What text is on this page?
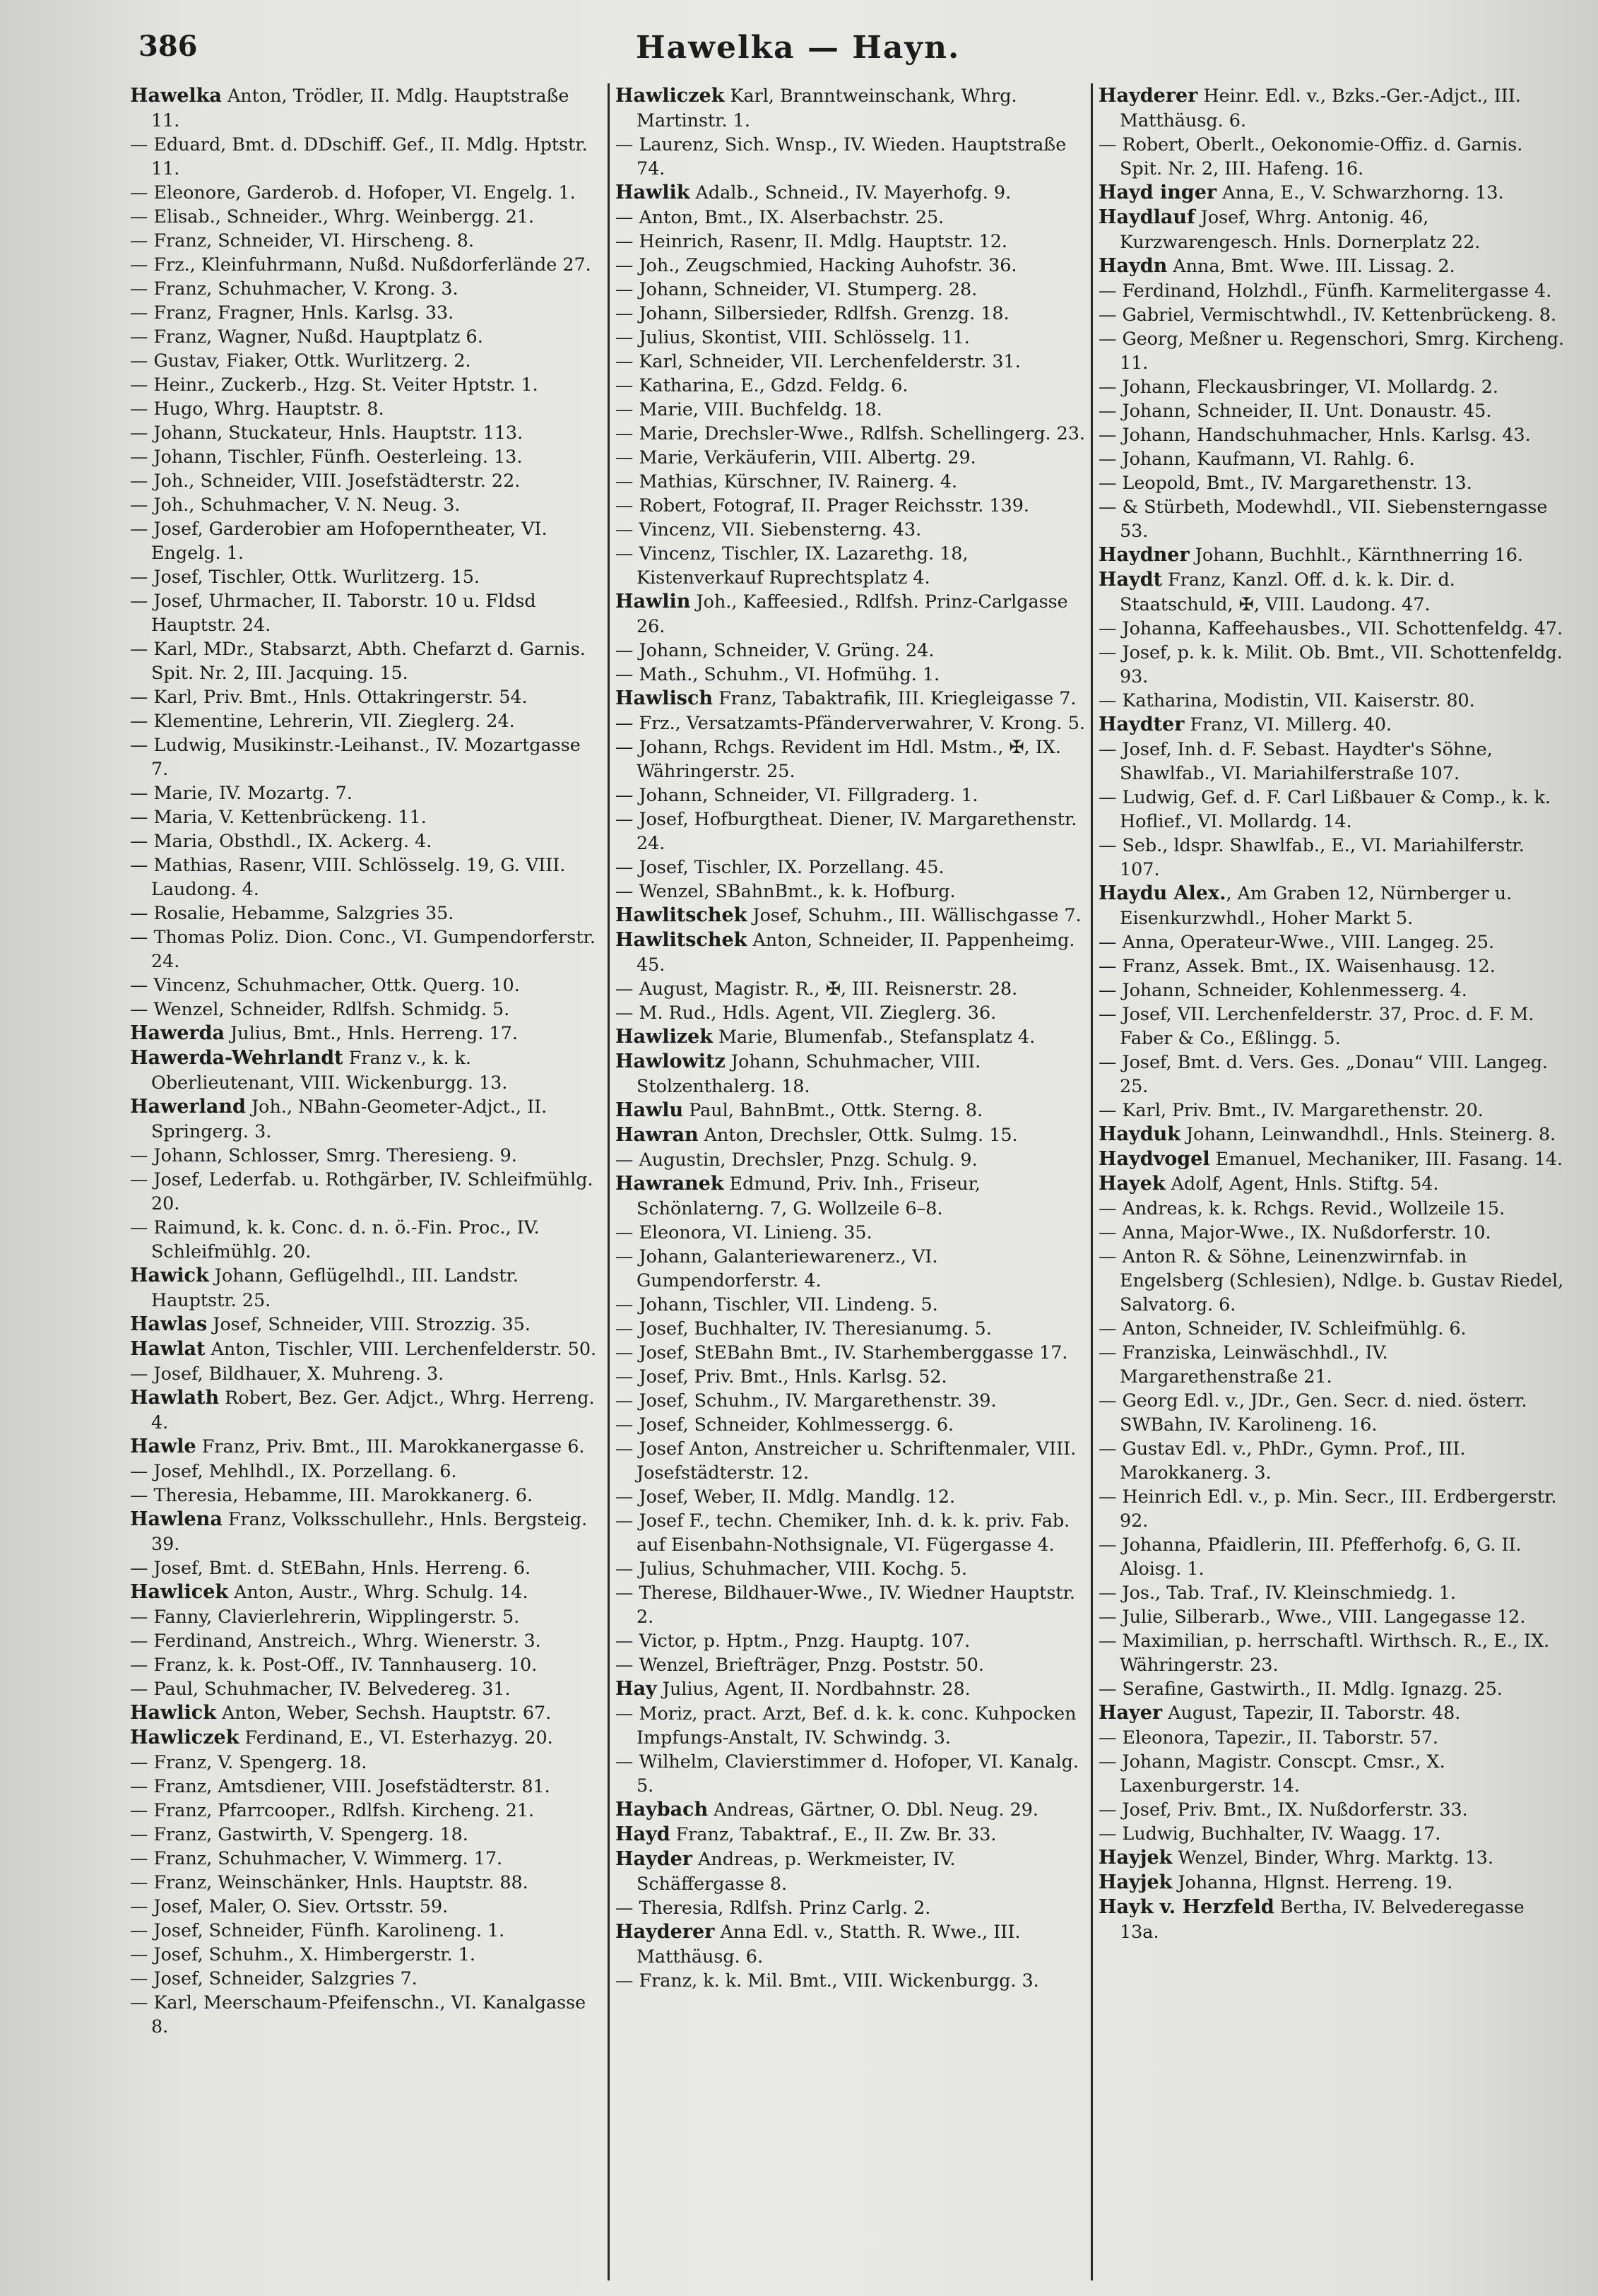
386	Hawelka — Hayn.

Hawelka Anton, Trödler, II. Mdlg. Hauptstraße 11.

— Eduard, Bmt. d. DDschiff. Gef., II. Mdlg. Hptstr. 11.

— Eleonore, Garderob. d. Hofoper, VI. Engelg. 1.

— Elisab., Schneider., Whrg. Weinbergg. 21.

— Franz, Schneider, VI. Hirscheng. 8.

— Frz., Kleinfuhrmann, Nußd. Nußdorferlände 27.

— Franz, Schuhmacher, V. Krong. 3.

— Franz, Fragner, Hnls. Karlsg. 33.

— Franz, Wagner, Nußd. Hauptplatz 6.

— Gustav, Fiaker, Ottk. Wurlitzerg. 2.

— Heinr., Zuckerb., Hzg. St. Veiter Hptstr. 1.

— Hugo, Whrg. Hauptstr. 8.

— Johann, Stuckateur, Hnls. Hauptstr. 113.

— Johann, Tischler, Fünfh. Oesterleing. 13.

— Joh., Schneider, VIII. Josefstädterstr. 22.

— Joh., Schuhmacher, V. N. Neug. 3.

— Josef, Garderobier am Hofoperntheater, VI. Engelg. 1.

— Josef, Tischler, Ottk. Wurlitzerg. 15.

— Josef, Uhrmacher, II. Taborstr. 10 u. Fldsd Hauptstr. 24.

— Karl, MDr., Stabsarzt, Abth. Chefarzt d. Garnis. Spit. Nr. 2, III. Jacquing. 15.

— Karl, Priv. Bmt., Hnls. Ottakringerstr. 54.

— Klementine, Lehrerin, VII. Zieglerg. 24.

— Ludwig, Musikinstr.-Leihanst., IV. Mozartgasse 7.

— Marie, IV. Mozartg. 7.

— Maria, V. Kettenbrückeng. 11.

— Maria, Obsthdl., IX. Ackerg. 4.

— Mathias, Rasenr, VIII. Schlösselg. 19, G. VIII. Laudong. 4.

— Rosalie, Hebamme, Salzgries 35.

— Thomas Poliz. Dion. Conc., VI. Gumpendorferstr. 24.

— Vincenz, Schuhmacher, Ottk. Querg. 10.

— Wenzel, Schneider, Rdlfsh. Schmidg. 5.

Hawerda Julius, Bmt., Hnls. Herreng. 17.

Hawerda-Wehrlandt Franz v., k. k. Oberlieutenant, VIII. Wickenburgg. 13.

Hawerland Joh., NBahn-Geometer-Adjct., II. Springerg. 3.

— Johann, Schlosser, Smrg. Theresieng. 9.

— Josef, Lederfab. u. Rothgärber, IV. Schleifmühlg. 20.

— Raimund, k. k. Conc. d. n. ö.-Fin. Proc., IV. Schleifmühlg. 20.

Hawick Johann, Geflügelhdl., III. Landstr. Hauptstr. 25.

Hawlas Josef, Schneider, VIII. Strozzig. 35.

Hawlat Anton, Tischler, VIII. Lerchenfelderstr. 50.

— Josef, Bildhauer, X. Muhreng. 3.

Hawlath Robert, Bez. Ger. Adjct., Whrg. Herreng. 4.

Hawle Franz, Priv. Bmt., III. Marokkanergasse 6.

— Josef, Mehlhdl., IX. Porzellang. 6.

— Theresia, Hebamme, III. Marokkanerg. 6.

Hawlena Franz, Volksschullehr., Hnls. Bergsteig. 39.

— Josef, Bmt. d. StEBahn, Hnls. Herreng. 6.

Hawlicek Anton, Austr., Whrg. Schulg. 14.

— Fanny, Clavierlehrerin, Wipplingerstr. 5.

— Ferdinand, Anstreich., Whrg. Wienerstr. 3.

— Franz, k. k. Post-Off., IV. Tannhauserg. 10.

— Paul, Schuhmacher, IV. Belvedereg. 31.

Hawlick Anton, Weber, Sechsh. Hauptstr. 67.

Hawliczek Ferdinand, E., VI. Esterhazyg. 20.

— Franz, V. Spengerg. 18.

— Franz, Amtsdiener, VIII. Josefstädterstr. 81.

— Franz, Pfarrcooper., Rdlfsh. Kircheng. 21.

— Franz, Gastwirth, V. Spengerg. 18.

— Franz, Schuhmacher, V. Wimmerg. 17.

— Franz, Weinschänker, Hnls. Hauptstr. 88.

— Josef, Maler, O. Siev. Ortsstr. 59.

— Josef, Schneider, Fünfh. Karolineng. 1.

— Josef, Schuhm., X. Himbergerstr. 1.

— Josef, Schneider, Salzgries 7.

— Karl, Meerschaum-Pfeifenschn., VI. Kanalgasse 8.

Hawliczek Karl, Branntweinschank, Whrg. Martinstr. 1.

— Laurenz, Sich. Wnsp., IV. Wieden. Hauptstraße 74.

Hawlik Adalb., Schneid., IV. Mayerhofg. 9.

— Anton, Bmt., IX. Alserbachstr. 25.

— Heinrich, Rasenr, II. Mdlg. Hauptstr. 12.

— Joh., Zeugschmied, Hacking Auhofstr. 36.

— Johann, Schneider, VI. Stumperg. 28.

— Johann, Silbersieder, Rdlfsh. Grenzg. 18.

— Julius, Skontist, VIII. Schlösselg. 11.

— Karl, Schneider, VII. Lerchenfelderstr. 31.

— Katharina, E., Gdzd. Feldg. 6.

— Marie, VIII. Buchfeldg. 18.

— Marie, Drechsler-Wwe., Rdlfsh. Schellingerg. 23.

— Marie, Verkäuferin, VIII. Albertg. 29.

— Mathias, Kürschner, IV. Rainerg. 4.

— Robert, Fotograf, II. Prager Reichsstr. 139.

— Vincenz, VII. Siebensterng. 43.

— Vincenz, Tischler, IX. Lazarethg. 18, Kistenverkauf Ruprechtsplatz 4.

Hawlin Joh., Kaffeesied., Rdlfsh. Prinz-Carlgasse 26.

— Johann, Schneider, V. Grüng. 24.

— Math., Schuhm., VI. Hofmühg. 1.

Hawlisch Franz, Tabaktrafik, III. Kriegleigasse 7.

— Frz., Versatzamts-Pfänderverwahrer, V. Krong. 5.

— Johann, Rchgs. Revident im Hdl. Mstm., ✠, IX. Währingerstr. 25.

— Johann, Schneider, VI. Fillgraderg. 1.

— Josef, Hofburgtheat. Diener, IV. Margarethenstr. 24.

— Josef, Tischler, IX. Porzellang. 45.

— Wenzel, SBahnBmt., k. k. Hofburg.

Hawlitschek Josef, Schuhm., III. Wällischgasse 7.

Hawlitschek Anton, Schneider, II. Pappenheimg. 45.

— August, Magistr. R., ✠, III. Reisnerstr. 28.

— M. Rud., Hdls. Agent, VII. Zieglerg. 36.

Hawlizek Marie, Blumenfab., Stefansplatz 4.

Hawlowitz Johann, Schuhmacher, VIII. Stolzenthalerg. 18.

Hawlu Paul, BahnBmt., Ottk. Sterng. 8.

Hawran Anton, Drechsler, Ottk. Sulmg. 15.

— Augustin, Drechsler, Pnzg. Schulg. 9.

Hawranek Edmund, Priv. Inh., Friseur, Schönlaterng. 7, G. Wollzeile 6–8.

— Eleonora, VI. Linieng. 35.

— Johann, Galanteriewarenerz., VI. Gumpendorferstr. 4.

— Johann, Tischler, VII. Lindeng. 5.

— Josef, Buchhalter, IV. Theresianumg. 5.

— Josef, StEBahn Bmt., IV. Starhemberggasse 17.

— Josef, Priv. Bmt., Hnls. Karlsg. 52.

— Josef, Schuhm., IV. Margarethenstr. 39.

— Josef, Schneider, Kohlmessergg. 6.

— Josef Anton, Anstreicher u. Schriftenmaler, VIII. Josefstädterstr. 12.

— Josef, Weber, II. Mdlg. Mandlg. 12.

— Josef F., techn. Chemiker, Inh. d. k. k. priv. Fab. auf Eisenbahn-Nothsignale, VI. Fügergasse 4.

— Julius, Schuhmacher, VIII. Kochg. 5.

— Therese, Bildhauer-Wwe., IV. Wiedner Hauptstr. 2.

— Victor, p. Hptm., Pnzg. Hauptg. 107.

— Wenzel, Briefträger, Pnzg. Poststr. 50.

Hay Julius, Agent, II. Nordbahnstr. 28.

— Moriz, pract. Arzt, Bef. d. k. k. conc. Kuhpocken Impfungs-Anstalt, IV. Schwindg. 3.

— Wilhelm, Clavierstimmer d. Hofoper, VI. Kanalg. 5.

Haybach Andreas, Gärtner, O. Dbl. Neug. 29.

Hayd Franz, Tabaktraf., E., II. Zw. Br. 33.

Hayder Andreas, p. Werkmeister, IV. Schäffergasse 8.

— Theresia, Rdlfsh. Prinz Carlg. 2.

Hayderer Anna Edl. v., Statth. R. Wwe., III. Matthäusg. 6.

— Franz, k. k. Mil. Bmt., VIII. Wickenburgg. 3.

Hayderer Heinr. Edl. v., Bzks.-Ger.-Adjct., III. Matthäusg. 6.

— Robert, Oberlt., Oekonomie-Offiz. d. Garnis. Spit. Nr. 2, III. Hafeng. 16.

Hayd inger Anna, E., V. Schwarzhorng. 13.

Haydlauf Josef, Whrg. Antonig. 46, Kurzwarengesch. Hnls. Dornerplatz 22.

Haydn Anna, Bmt. Wwe. III. Lissag. 2.

— Ferdinand, Holzhdl., Fünfh. Karmelitergasse 4.

— Gabriel, Vermischtwhdl., IV. Kettenbrückeng. 8.

— Georg, Meßner u. Regenschori, Smrg. Kircheng. 11.

— Johann, Fleckausbringer, VI. Mollardg. 2.

— Johann, Schneider, II. Unt. Donaustr. 45.

— Johann, Handschuhmacher, Hnls. Karlsg. 43.

— Johann, Kaufmann, VI. Rahlg. 6.

— Leopold, Bmt., IV. Margarethenstr. 13.

— & Stürbeth, Modewhdl., VII. Siebensterngasse 53.

Haydner Johann, Buchhlt., Kärnthnerring 16.

Haydt Franz, Kanzl. Off. d. k. k. Dir. d. Staatschuld, ✠, VIII. Laudong. 47.

— Johanna, Kaffeehausbes., VII. Schottenfeldg. 47.

— Josef, p. k. k. Milit. Ob. Bmt., VII. Schottenfeldg. 93.

— Katharina, Modistin, VII. Kaiserstr. 80.

Haydter Franz, VI. Millerg. 40.

— Josef, Inh. d. F. Sebast. Haydter's Söhne, Shawlfab., VI. Mariahilferstraße 107.

— Ludwig, Gef. d. F. Carl Lißbauer & Comp., k. k. Hoflief., VI. Mollardg. 14.

— Seb., ldspr. Shawlfab., E., VI. Mariahilferstr. 107.

Haydu Alex., Am Graben 12, Nürnberger u. Eisenkurzwhdl., Hoher Markt 5.

— Anna, Operateur-Wwe., VIII. Langeg. 25.

— Franz, Assek. Bmt., IX. Waisenhausg. 12.

— Johann, Schneider, Kohlenmesserg. 4.

— Josef, VII. Lerchenfelderstr. 37, Proc. d. F. M. Faber & Co., Eßlingg. 5.

— Josef, Bmt. d. Vers. Ges. „Donau“ VIII. Langeg. 25.

— Karl, Priv. Bmt., IV. Margarethenstr. 20.

Hayduk Johann, Leinwandhdl., Hnls. Steinerg. 8.

Haydvogel Emanuel, Mechaniker, III. Fasang. 14.

Hayek Adolf, Agent, Hnls. Stiftg. 54.

— Andreas, k. k. Rchgs. Revid., Wollzeile 15.

— Anna, Major-Wwe., IX. Nußdorferstr. 10.

— Anton R. & Söhne, Leinenzwirnfab. in Engelsberg (Schlesien), Ndlge. b. Gustav Riedel, Salvatorg. 6.

— Anton, Schneider, IV. Schleifmühlg. 6.

— Franziska, Leinwäschhdl., IV. Margarethenstraße 21.

— Georg Edl. v., JDr., Gen. Secr. d. nied. österr. SWBahn, IV. Karolineng. 16.

— Gustav Edl. v., PhDr., Gymn. Prof., III. Marokkanerg. 3.

— Heinrich Edl. v., p. Min. Secr., III. Erdbergerstr. 92.

— Johanna, Pfaidlerin, III. Pfefferhofg. 6, G. II. Aloisg. 1.

— Jos., Tab. Traf., IV. Kleinschmiedg. 1.

— Julie, Silberarb., Wwe., VIII. Langegasse 12.

— Maximilian, p. herrschaftl. Wirthsch. R., E., IX. Währingerstr. 23.

— Serafine, Gastwirth., II. Mdlg. Ignazg. 25.

Hayer August, Tapezir, II. Taborstr. 48.

— Eleonora, Tapezir., II. Taborstr. 57.

— Johann, Magistr. Conscpt. Cmsr., X. Laxenburgerstr. 14.

— Josef, Priv. Bmt., IX. Nußdorferstr. 33.

— Ludwig, Buchhalter, IV. Waagg. 17.

Hayjek Wenzel, Binder, Whrg. Marktg. 13.

Hayjek Johanna, Hlgnst. Herreng. 19.

Hayk v. Herzfeld Bertha, IV. Belvederegasse 13a.
